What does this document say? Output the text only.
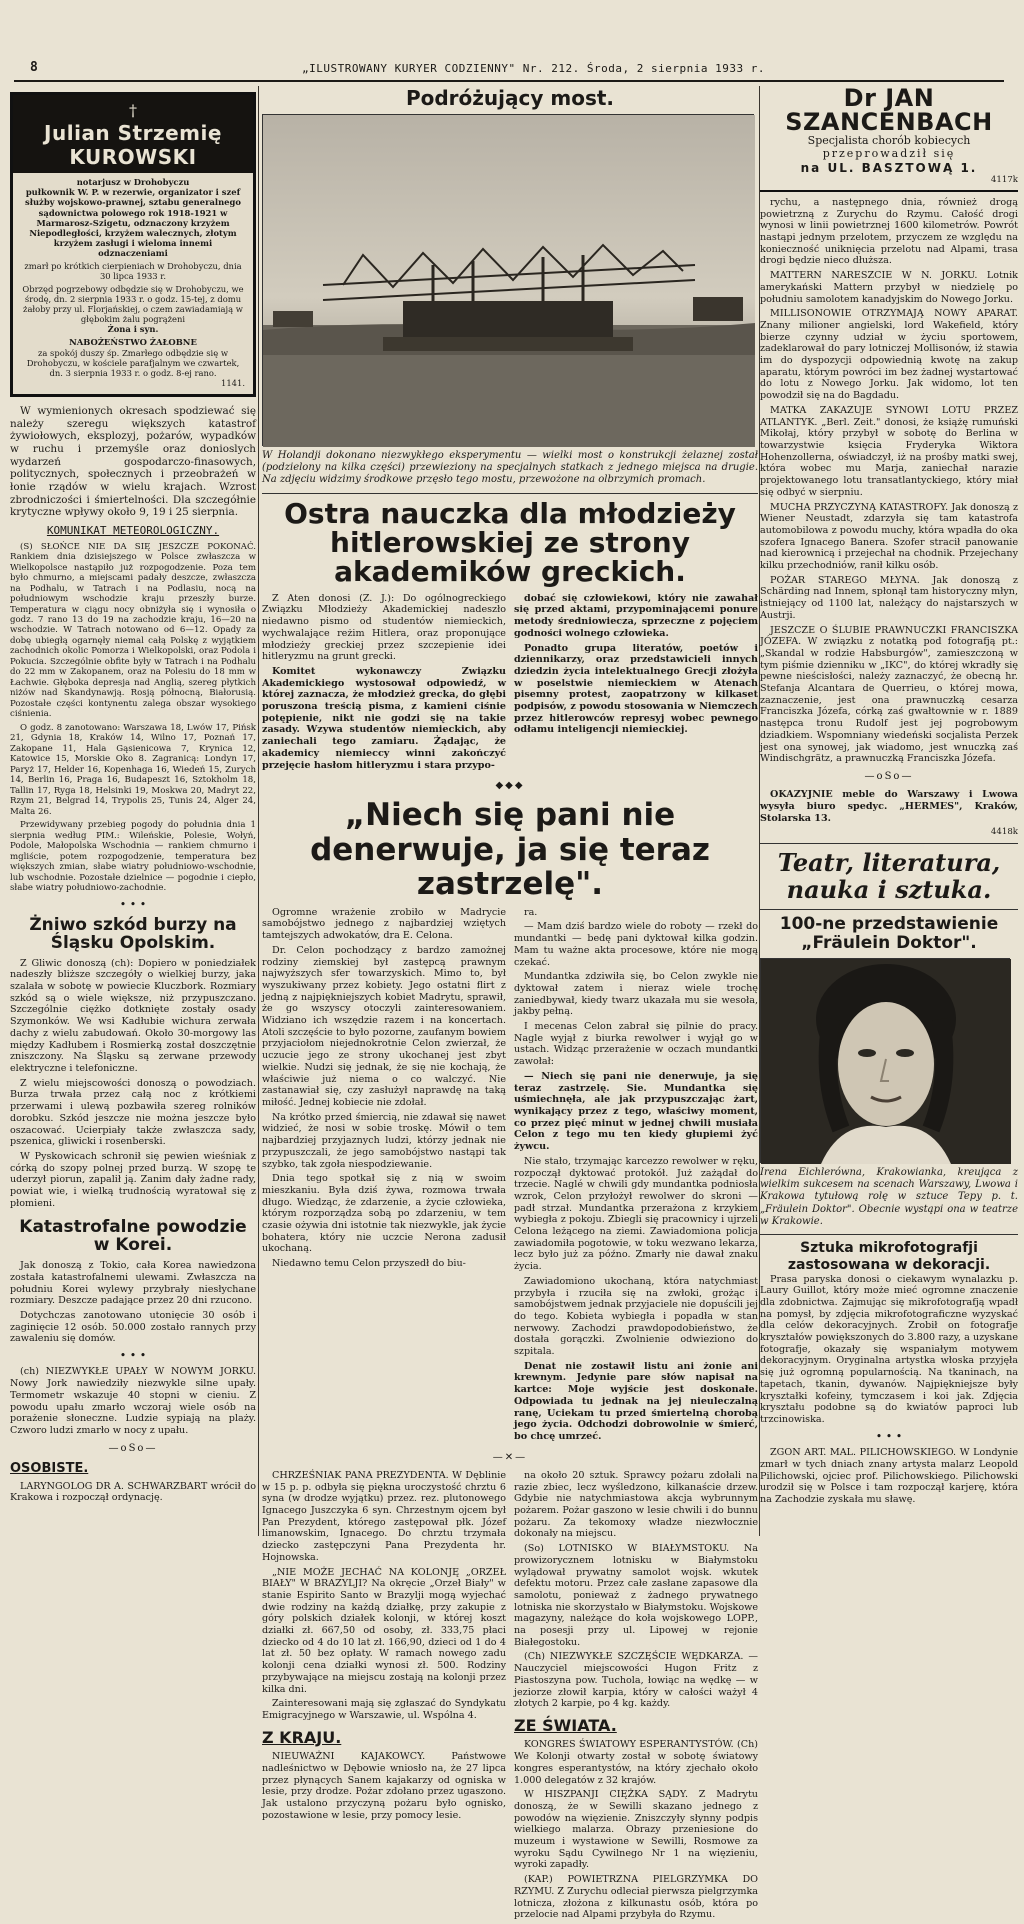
8	„ILUSTROWANY KURYER CODZIENNY" Nr. 212. Środa, 2 sierpnia 1933 r.
†
Julian Strzemię KUROWSKI
notarjusz w Drohobyczu
pułkownik W. P. w rezerwie, organizator i szef służby wojskowo-prawnej, sztabu generalnego sądownictwa polowego rok 1918-1921 w Marmarosz-Szigetu, odznaczony krzyżem Niepodległości, krzyżem walecznych, złotym krzyżem zasługi i wieloma innemi odznaczeniami
zmarł po krótkich cierpieniach w Drohobyczu, dnia 30 lipca 1933 r.
Obrzęd pogrzebowy odbędzie się w Drohobyczu, we środę, dn. 2 sierpnia 1933 r. o godz. 15-tej, z domu żałoby przy ul. Florjańskiej, o czem zawiadamiają w głębokim żalu pogrążeni
Żona i syn.
NABOŻEŃSTWO ŻAŁOBNE
za spokój duszy śp. Zmarłego odbędzie się w Drohobyczu, w kościele parafjalnym we czwartek, dn. 3 sierpnia 1933 r. o godz. 8-ej rano.
1141.

W wymienionych okresach spodziewać się należy szeregu większych katastrof żywiołowych, eksplozyj, pożarów, wypadków w ruchu i przemyśle oraz donioslych wydarzeń gospodarczo-finasowych, politycznych, społecznych i przeobrażeń w łonie rządów w wielu krajach. Wzrost zbrodniczości i śmiertelności. Dla szczegółnie krytyczne wpływy około 9, 19 i 25 sierpnia.

KOMUNIKAT METEOROLOGICZNY.

(S) SŁOŃCE NIE DA SIĘ JESZCZE POKONAĆ. Rankiem dnia dzisiejszego w Polsce zwłaszcza w Wielkopolsce nastąpiło już rozpogodzenie. Poza tem było chmurno, a miejscami padały deszcze, zwłaszcza na Podhalu, w Tatrach i na Podlasiu, nocą na południowym wschodzie kraju przeszły burze. Temperatura w ciągu nocy obniżyła się i wynosiła o godz. 7 rano 13 do 19 na zachodzie kraju, 16—20 na wschodzie. W Tatrach notowano od 6—12. Opady za dobę ubiegłą ogarnęły niemal całą Polskę z wyjątkiem zachodnich okolic Pomorza i Wielkopolski, oraz Podola i Pokucia. Szczególnie obfite były w Tatrach i na Podhalu do 22 mm w Zakopanem, oraz na Polesiu do 18 mm w Łachwie. Głęboka depresja nad Anglią, szereg płytkich niżów nad Skandynawją. Rosją północną, Białorusią. Pozostałe części kontynentu zalega obszar wysokiego ciśnienia.

O godz. 8 zanotowano: Warszawa 18, Lwów 17, Pińsk 21, Gdynia 18, Kraków 14, Wilno 17, Poznań 17, Zakopane 11, Hala Gąsienicowa 7, Krynica 12, Katowice 15, Morskie Oko 8. Zagranicą: Londyn 17, Paryż 17, Helder 16, Kopenhaga 16, Wiedeń 15, Zurych 14, Berlin 16, Praga 16, Budapeszt 16, Sztokholm 18, Tallin 17, Ryga 18, Helsinki 19, Moskwa 20, Madryt 22, Rzym 21, Belgrad 14, Trypolis 25, Tunis 24, Alger 24, Malta 26.

Przewidywany przebieg pogody do południa dnia 1 sierpnia według PIM.: Wileńskie, Polesie, Wołyń, Podole, Małopolska Wschodnia — rankiem chmurno i mgliście, potem rozpogodzenie, temperatura bez większych zmian, słabe wiatry południowo-wschodnie, lub wschodnie. Pozostałe dzielnice — pogodnie i ciepło, słabe wiatry południowo-zachodnie.

• • •
Żniwo szkód burzy na Śląsku Opolskim.

Z Gliwic donoszą (ch): Dopiero w poniedziałek nadeszły bliższe szczegóły o wielkiej burzy, jaka szalała w sobotę w powiecie Kluczbork. Rozmiary szkód są o wiele większe, niż przypuszczano. Szczególnie ciężko dotknięte zostały osady Szymonków. We wsi Kadłubie wichura zerwała dachy z wielu zabudowań. Około 30-morgowy las między Kadłubem i Rosmierką został doszczętnie zniszczony. Na Śląsku są zerwane przewody elektryczne i telefoniczne.

Z wielu miejscowości donoszą o powodziach. Burza trwała przez całą noc z krótkiemi przerwami i ulewą pozbawiła szereg rolników dorobku. Szkód jeszcze nie można jeszcze było oszacować. Ucierpiały także zwłaszcza sady, pszenica, gliwicki i rosenberski.

W Pyskowicach schronił się pewien wieśniak z córką do szopy polnej przed burzą. W szopę te uderzył piorun, zapalił ją. Zanim dały żadne rady, powiat wie, i wielką trudnością wyratował się z płomieni.

Katastrofalne powodzie w Korei.

Jak donoszą z Tokio, cała Korea nawiedzona została katastrofalnemi ulewami. Zwłaszcza na południu Korei wylewy przybrały niesłychane rozmiary. Deszcze padające przez 20 dni rzucono.

Dotychczas zanotowano utonięcie 30 osób i zaginięcie 12 osób. 50.000 zostało rannych przy zawaleniu się domów.

• • •

(ch) NIEZWYKŁE UPAŁY W NOWYM JORKU. Nowy Jork nawiedziły niezwykle silne upały. Termometr wskazuje 40 stopni w cieniu. Z powodu upału zmarło wczoraj wiele osób na porażenie słoneczne. Ludzie sypiają na plaży. Czworo ludzi zmarło w nocy z upału.

—oSo—
OSOBISTE.

LARYNGOLOG DR A. SCHWARZBART wrócił do Krakowa i rozpoczął ordynację.

Podróżujący most.
W Holandji dokonano niezwykłego eksperymentu — wielki most o konstrukcji żelaznej został (podzielony na kilka części) przewieziony na specjalnych statkach z jednego miejsca na drugie. Na zdjęciu widzimy środkowe przęsło tego mostu, przewożone na olbrzymich promach.
Ostra nauczka dla młodzieży hitlerowskiej ze strony akademików greckich.

Z Aten donosi (Z. J.): Do ogólnogreckiego Związku Młodzieży Akademickiej nadeszło niedawno pismo od studentów niemieckich, wychwalające reżim Hitlera, oraz proponujące młodzieży greckiej przez szczepienie idei hitleryzmu na grunt grecki.

Komitet wykonawczy Związku Akademickiego wystosował odpowiedź, w której zaznacza, że młodzież grecka, do głębi poruszona treścią pisma, z kamieni ciśnie potępienie, nikt nie godzi się na takie zasady. Wzywa studentów niemieckich, aby zaniechali tego zamiaru. Żądając, że akademicy niemieccy winni zakończyć przejęcie hasłom hitleryzmu i stara przypo-

dobać się człowiekowi, który nie zawahał się przed aktami, przypominającemi ponure metody średniowiecza, sprzeczne z pojęciem godności wolnego człowieka.

Ponadto grupa literatów, poetów i dziennikarzy, oraz przedstawicieli innych dziedzin życia intelektualnego Grecji złożyła w poselstwie niemieckiem w Atenach pisemny protest, zaopatrzony w kilkaset podpisów, z powodu stosowania w Niemczech przez hitlerowców represyj wobec pewnego odłamu inteligencji niemieckiej.

◆◆◆
„Niech się pani nie denerwuje, ja się teraz zastrzelę".

Ogromne wrażenie zrobiło w Madrycie samobójstwo jednego z najbardziej wziętych tamtejszych adwokatów, dra E. Celona.

Dr. Celon pochodzący z bardzo zamożnej rodziny ziemskiej był zastępcą prawnym najwyższych sfer towarzyskich. Mimo to, był wyszukiwany przez kobiety. Jego ostatni flirt z jedną z najpiękniejszych kobiet Madrytu, sprawił, że go wszyscy otoczyli zainteresowaniem. Widziano ich wszędzie razem i na koncertach. Atoli szczęście to było pozorne, zaufanym bowiem przyjaciołom niejednokrotnie Celon zwierzał, że uczucie jego ze strony ukochanej jest zbyt wielkie. Nudzi się jednak, że się nie kochają, że właściwie już niema o co walczyć. Nie zastanawiał się, czy zasłużył naprawdę na taką miłość. Jednej kobiecie nie zdołał.

Na krótko przed śmiercią, nie zdawał się nawet widzieć, że nosi w sobie troskę. Mówił o tem najbardziej przyjaznych ludzi, którzy jednak nie przypuszczali, że jego samobójstwo nastąpi tak szybko, tak zgoła niespodziewanie.

Dnia tego spotkał się z nią w swoim mieszkaniu. Była dziś żywa, rozmowa trwała długo. Wiedząc, że zdarzenie, a życie człowieka, którym rozporządza sobą po zdarzeniu, w tem czasie ożywia dni istotnie tak niezwykle, jak życie bohatera, który nie uczcie Nerona zadusił ukochaną.

Niedawno temu Celon przyszedł do biu-

ra.

— Mam dziś bardzo wiele do roboty — rzekł do mundantki — bedę pani dyktował kilka godzin. Mam tu ważne akta procesowe, które nie mogą czekać.

Mundantka zdziwiła się, bo Celon zwykle nie dyktował zatem i nieraz wiele trochę zaniedbywał, kiedy twarz ukazała mu sie wesoła, jakby pełną.

I mecenas Celon zabrał się pilnie do pracy. Nagle wyjął z biurka rewolwer i wyjął go w ustach. Widząc przerażenie w oczach mundantki zawołał:

— Niech się pani nie denerwuje, ja się teraz zastrzelę. Sie. Mundantka się uśmiechnęła, ale jak przypuszczając żart, wynikający przez z tego, właściwy moment, co przez pięć minut w jednej chwili musiała Celon z tego mu ten kiedy głupiemi żyć żywcu.

Nie stało, trzymając karcezzo rewolwer w ręku, rozpoczął dyktować protokół. Już zażądał do trzecie. Naglé w chwili gdy mundantka podniosła wzrok, Celon przyłożył rewolwer do skroni — padł strzał. Mundantka przerażona z krzykiem wybiegła z pokoju. Zbiegli się pracownicy i ujrzeli Celona leżącego na ziemi. Zawiadomiona policja zawiadomiła pogotowie, w toku wezwano lekarza, lecz było już za późno. Zmarły nie dawał znaku życia.

Zawiadomiono ukochaną, która natychmiast przybyła i rzuciła się na zwłoki, grożąc i samobójstwem jednak przyjaciele nie dopuścili jej do tego. Kobieta wybiegła i popadła w stan nerwowy. Zachodzi prawdopodobieństwo, że dostała gorączki. Zwolnienie odwieziono do szpitala.

Denat nie zostawił listu ani żonie ani krewnym. Jedynie pare słów napisał na kartce: Moje wyjście jest doskonałe. Odpowiada tu jednak na jej nieuleczalną ranę, Uciekam tu przed śmiertelną chorobą jego życia. Odchodzi dobrowolnie w śmierć, bo chcę umrzeć.

—✕—

CHRZEŚNIAK PANA PREZYDENTA. W Dęblinie w 15 p. p. odbyła się piękna uroczystość chrztu 6 syna (w drodze wyjątku) przez. rez. plutonowego Ignacego Juszczyka 6 syn. Chrzestnym ojcem był Pan Prezydent, którego zastępował płk. Józef limanowskim, Ignacego. Do chrztu trzymała dziecko zastępczyni Pana Prezydenta hr. Hojnowska.

„NIE MOŻE JECHAĆ NA KOLONJĘ „ORZEŁ BIAŁY" W BRAZYLJI? Na okręcie „Orzeł Biały" w stanie Espirito Santo w Brazylji mogą wyjechać dwie rodziny na każdą działkę, przy zakupie z góry polskich działek kolonji, w której koszt działki zł. 667,50 od osoby, zł. 333,75 płaci dziecko od 4 do 10 lat zł. 166,90, dzieci od 1 do 4 lat zł. 50 bez opłaty. W ramach nowego zadu kolonji cena działki wynosi zł. 500. Rodziny przybywające na miejscu zostają na kolonji przez kilka dni.

Zainteresowani mają się zgłaszać do Syndykatu Emigracyjnego w Warszawie, ul. Wspólna 4.

Z KRAJU.

NIEUWAŻNI KAJAKOWCY. Państwowe nadleśnictwo w Dębowie wniosło na, że 27 lipca przez płynących Sanem kajakarzy od ogniska w lesie, przy drodze. Pożar zdołano przez ugaszono. Jak ustalono przyczyną pożaru było ognisko, pozostawione w lesie, przy pomocy lesie.

na około 20 sztuk. Sprawcy pożaru zdołali na razie zbiec, lecz wyśledzono, kilkanaście drzew. Gdybie nie natychmiastowa akcja wybrunnym pożarem. Pożar gaszono w lesie chwili i do bunnu pożaru. Za tekomoxy władze niezwłocznie dokonały na miejscu.

(So) LOTNISKO W BIAŁYMSTOKU. Na prowizorycznem lotnisku w Białymstoku wylądował prywatny samolot wojsk. wkutek defektu motoru. Przez całe zasłane zapasowe dla samolotu, ponieważ z żadnego prywatnego lotniska nie skorzystało w Białymstoku. Wojskowe magazyny, należące do koła wojskowego LOPP., na posesji przy ul. Lipowej w rejonie Białegostoku.

(Ch) NIEZWYKŁE SZCZĘŚCIE WĘDKARZA. — Nauczyciel miejscowości Hugon Fritz z Piastoszyna pow. Tuchola, łowiąc na wędkę — w jeziorze złowił karpia, który w całości ważył 4 złotych 2 karpie, po 4 kg. każdy.

ZE ŚWIATA.

KONGRES ŚWIATOWY ESPERANTYSTÓW. (Ch) We Kolonji otwarty został w sobotę światowy kongres esperantystów, na który zjechało około 1.000 delegatów z 32 krajów.

W HISZPANJI CIĘŻKA SĄDY. Z Madrytu donoszą, że w Sewilli skazano jednego z powodów na więzienie. Zniszczyły słynny podpis wielkiego malarza. Obrazy przeniesione do muzeum i wystawione w Sewilli, Rosmowe za wyroku Sądu Cywilnego Nr 1 na więzieniu, wyroki zapadły.

(KAP.) POWIETRZNA PIELGRZYMKA DO RZYMU. Z Zurychu odleciał pierwsza pielgrzymka lotnicza, złożona z kilkunastu osób, która po przelocie nad Alpami przybyła do Rzymu.

Dr JAN SZANCENBACH
Specjalista chorób kobiecych
przeprowadził się
na UL. BASZTOWĄ 1.
4117k

rychu, a następnego dnia, również drogą powietrzną z Zurychu do Rzymu. Całość drogi wynosi w linii powietrznej 1600 kilometrów. Powrót nastąpi jednym przelotem, przyczem ze względu na konieczność uniknięcia przelotu nad Alpami, trasa drogi będzie nieco dłuższa.

MATTERN NARESZCIE W N. JORKU. Lotnik amerykański Mattern przybył w niedzielę po południu samolotem kanadyjskim do Nowego Jorku.

MILLISONOWIE OTRZYMAJĄ NOWY APARAT. Znany milioner angielski, lord Wakefield, który bierze czynny udział w życiu sportowem, zadeklarował do pary lotniczej Mollisonów, iż stawia im do dyspozycji odpowiednią kwotę na zakup aparatu, którym powróci im bez żadnej wystartować do lotu z Nowego Jorku. Jak widomo, lot ten powodził się na do Bagdadu.

MATKA ZAKAZUJE SYNOWI LOTU PRZEZ ATLANTYK. „Berl. Zeit." donosi, że książę rumuński Mikołaj, który przybył w sobotę do Berlina w towarzystwie księcia Fryderyka Wiktora Hohenzollerna, oświadczył, iż na prośby matki swej, która wobec mu Marja, zaniechał narazie projektowanego lotu transatlantyckiego, który miał się odbyć w sierpniu.

MUCHA PRZYCZYNĄ KATASTROFY. Jak donoszą z Wiener Neustadt, zdarzyła się tam katastrofa automobilowa z powodu muchy, która wpadła do oka szofera Ignacego Banera. Szofer stracił panowanie nad kierownicą i przejechał na chodnik. Przejechany kilku przechodniów, ranił kilku osób.

POŻAR STAREGO MŁYNA. Jak donoszą z Schärding nad Innem, spłonął tam historyczny młyn, istniejący od 1100 lat, należący do najstarszych w Austrji.

JESZCZE O ŚLUBIE PRAWNUCZKI FRANCISZKA JÓZEFA. W związku z notatką pod fotografją pt.: „Skandal w rodzie Habsburgów", zamieszczoną w tym piśmie dzienniku w „IKC", do której wkradły się pewne nieścisłości, należy zaznaczyć, że obecną hr. Stefanja Alcantara de Querrieu, o której mowa, zaznaczenie, jest ona prawnuczką cesarza Franciszka Józefa, córką zaś gwałtownie w r. 1889 następca tronu Rudolf jest jej pogrobowym dziadkiem. Wspomniany wiedeński socjalista Perzek jest ona synowej, jak wiadomo, jest wnuczką zaś Windischgrätz, a prawnuczką Franciszka Józefa.

—oSo—

OKAZYJNIE meble do Warszawy i Lwowa wysyła biuro spedyc. „HERMES", Kraków, Stolarska 13.

4418k
Teatr, literatura, nauka i sztuka.
100-ne przedstawienie „Fräulein Doktor".
Irena Eichlerówna, Krakowianka, kreująca z wielkim sukcesem na scenach Warszawy, Lwowa i Krakowa tytułową rolę w sztuce Tepy p. t. „Fräulein Doktor". Obecnie wystąpi ona w teatrze w Krakowie.
Sztuka mikrofotografji zastosowana w dekoracji.

Prasa paryska donosi o ciekawym wynalazku p. Laury Guillot, który może mieć ogromne znaczenie dla zdobnictwa. Zajmując się mikrofotografją wpadł na pomysł, by zdjęcia mikrofotograficzne wyzyskać dla celów dekoracyjnych. Zrobił on fotografje kryształów powiększonych do 3.800 razy, a uzyskane fotografje, okazały się wspaniałym motywem dekoracyjnym. Oryginalna artystka włoska przyjęła się już ogromną popularnością. Na tkaninach, na tapetach, tkanin, dywanów. Najpiękniejsze były kryształki kofeiny, tymczasem i koi jak. Zdjęcia kryształu podobne są do kwiatów paproci lub trzcinowiska.

• • •

ZGON ART. MAL. PILICHOWSKIEGO. W Londynie zmarł w tych dniach znany artysta malarz Leopold Pilichowski, ojciec prof. Pilichowskiego. Pilichowski urodził się w Polsce i tam rozpoczął karjerę, która na Zachodzie zyskała mu sławę.
